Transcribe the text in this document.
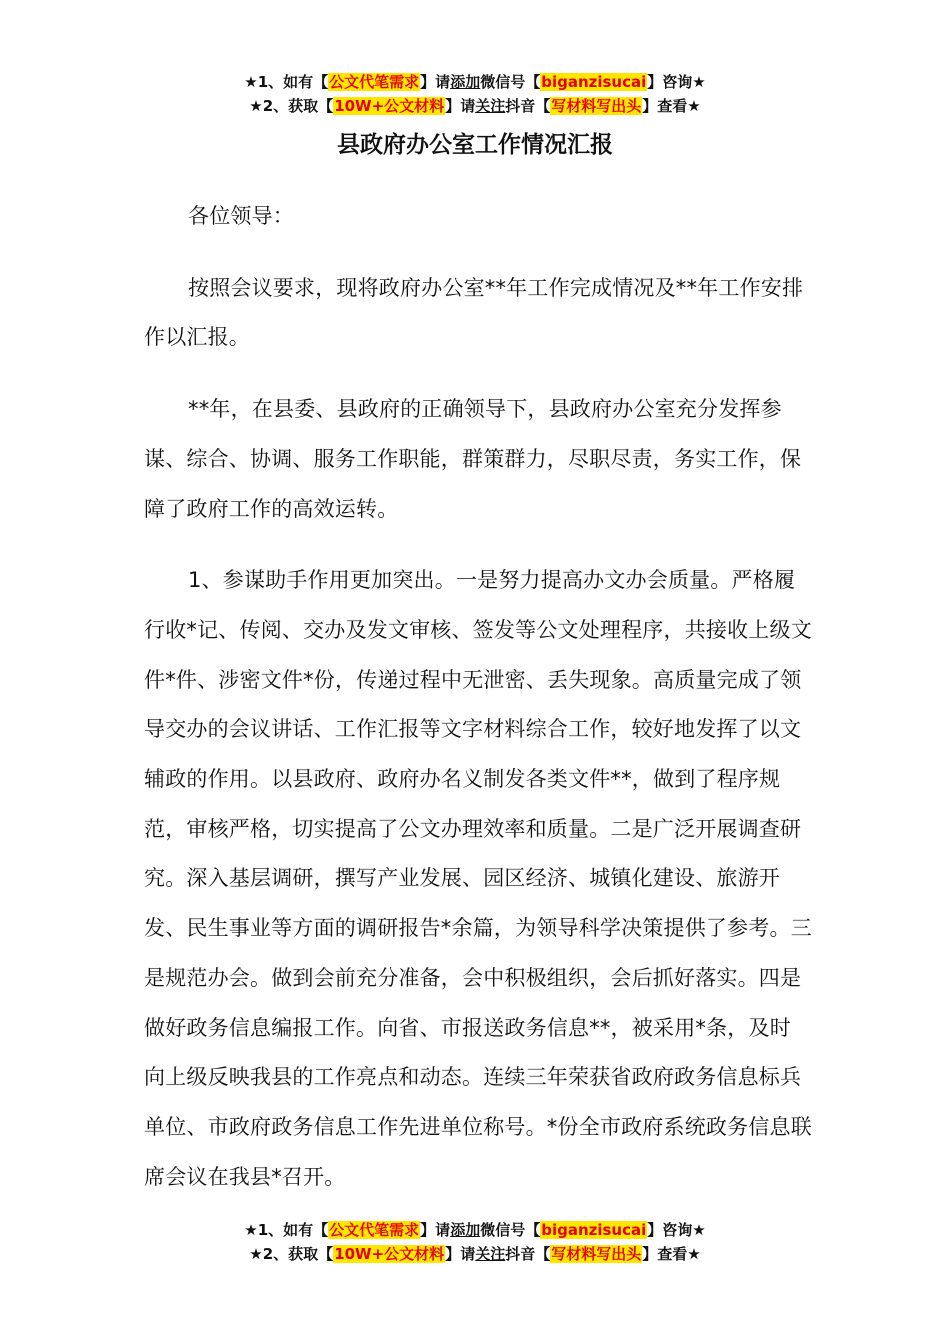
★1、如有【公文代笔需求】请添加微信号【biganzisucai】咨询★
★2、获取【10W+公文材料】请关注抖音【写材料写出头】查看★
县政府办公室工作情况汇报

各位领导：

按照会议要求，现将政府办公室**年工作完成情况及**年工作安排作以汇报。

**年，在县委、县政府的正确领导下，县政府办公室充分发挥参谋、综合、协调、服务工作职能，群策群力，尽职尽责，务实工作，保障了政府工作的高效运转。

1、参谋助手作用更加突出。一是努力提高办文办会质量。严格履行收*记、传阅、交办及发文审核、签发等公文处理程序，共接收上级文件*件、涉密文件*份，传递过程中无泄密、丢失现象。高质量完成了领导交办的会议讲话、工作汇报等文字材料综合工作，较好地发挥了以文辅政的作用。以县政府、政府办名义制发各类文件**，做到了程序规范，审核严格，切实提高了公文办理效率和质量。二是广泛开展调查研究。深入基层调研，撰写产业发展、园区经济、城镇化建设、旅游开发、民生事业等方面的调研报告*余篇，为领导科学决策提供了参考。三是规范办会。做到会前充分准备，会中积极组织，会后抓好落实。四是做好政务信息编报工作。向省、市报送政务信息**，被采用*条，及时向上级反映我县的工作亮点和动态。连续三年荣获省政府政务信息标兵单位、市政府政务信息工作先进单位称号。*份全市政府系统政务信息联席会议在我县*召开。

★1、如有【公文代笔需求】请添加微信号【biganzisucai】咨询★
★2、获取【10W+公文材料】请关注抖音【写材料写出头】查看★
